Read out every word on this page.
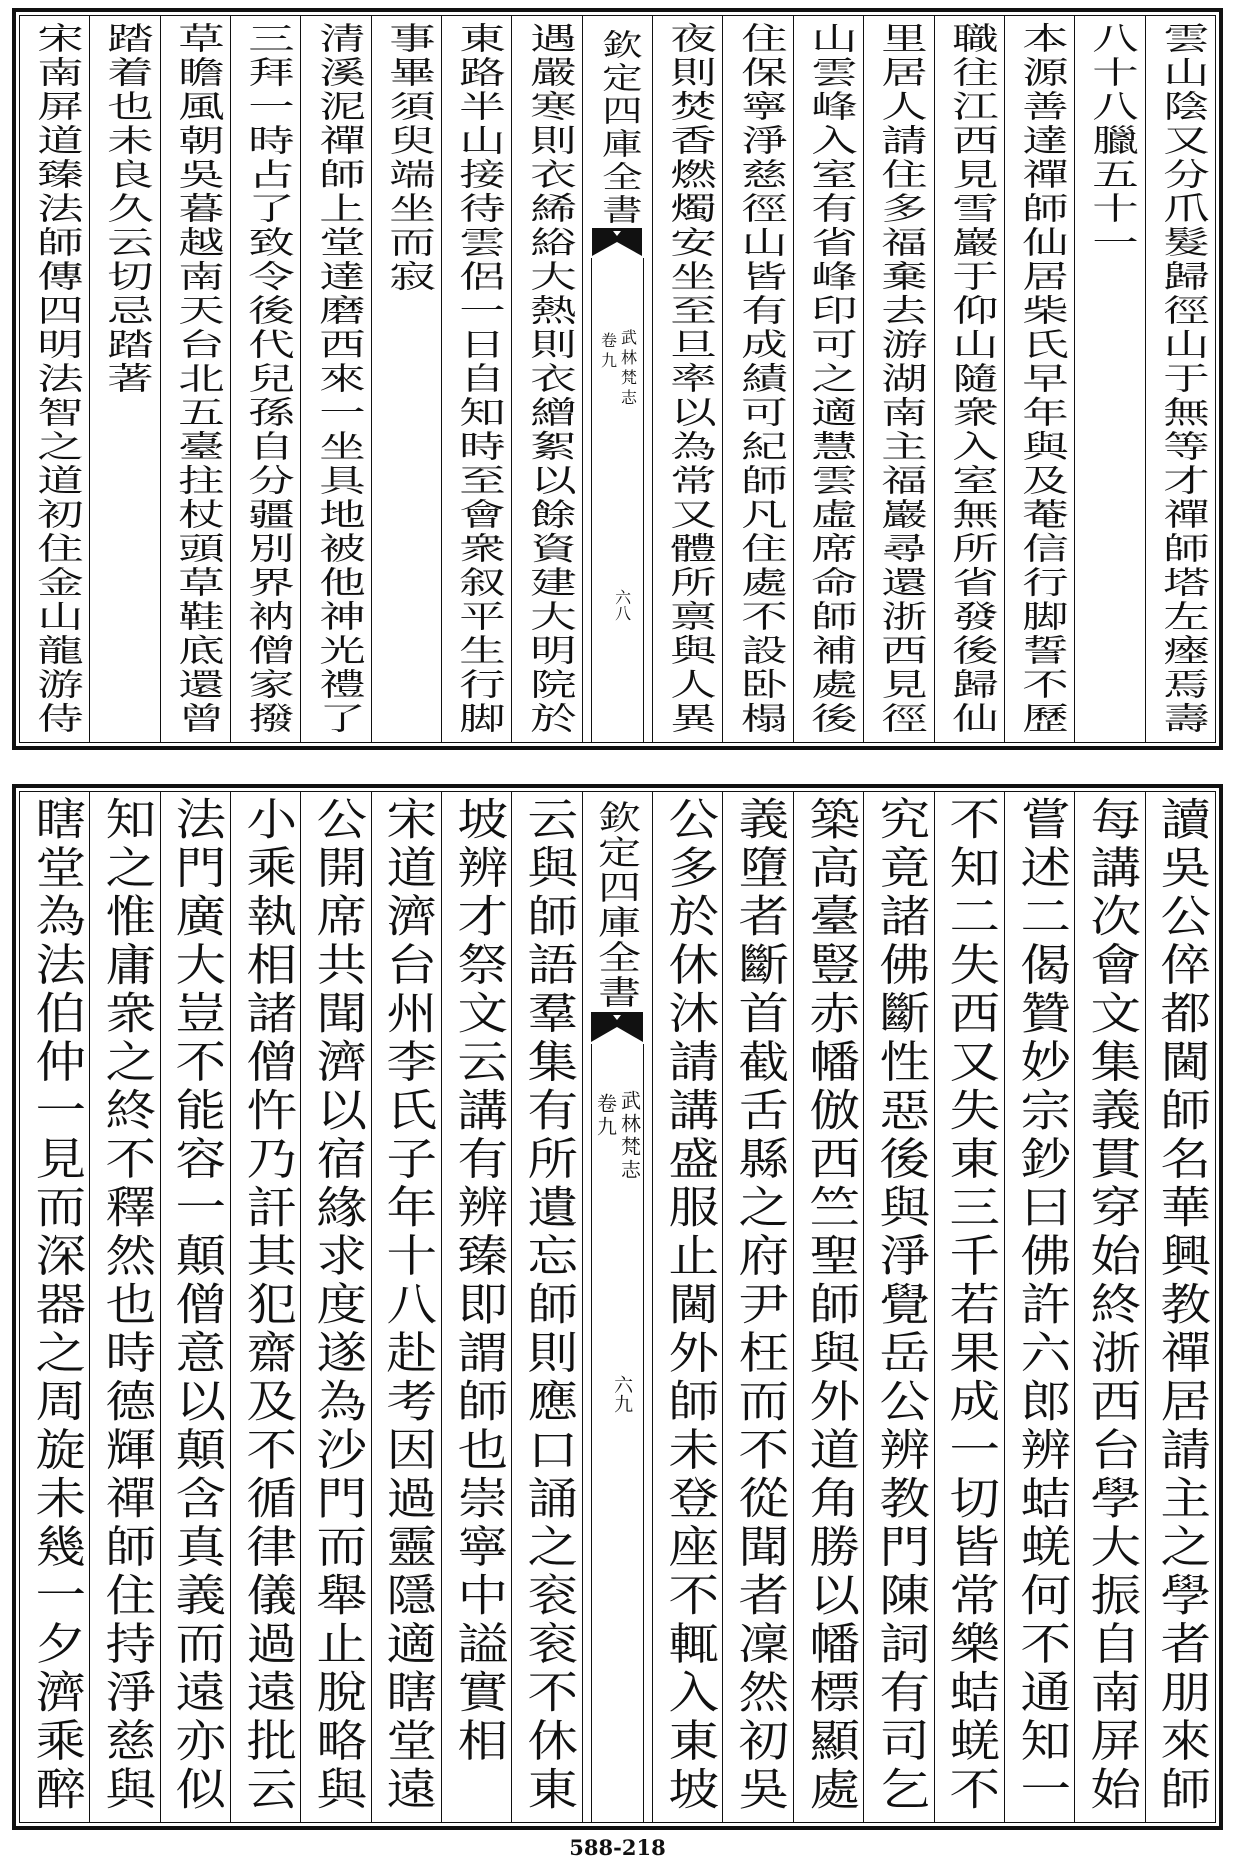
雲山陰又分爪髮歸徑山于無等才禪師塔左瘞焉壽
八十八臘五十一
本源善達禪師仙居柴氏早年與及菴信行脚誓不歷
職往江西見雪巖于仰山隨衆入室無所省發後歸仙
里居人請住多福棄去游湖南主福巖尋還浙西見徑
山雲峰入室有省峰印可之適慧雲虛席命師補處後
住保寧淨慈徑山皆有成績可紀師凡住處不設卧榻
夜則焚香燃燭安坐至旦率以為常又體所禀與人異
欽定四庫全書
武林梵志
卷九
六八
遇嚴寒則衣絺綌大熱則衣繒絮以餘資建大明院於
東路半山接待雲侶一日自知時至會衆叙平生行脚
事畢須臾端坐而寂
清溪泥禪師上堂達磨西來一坐具地被他神光禮了
三拜一時占了致令後代兒孫自分疆別界衲僧家撥
草瞻風朝吳暮越南天台北五臺拄杖頭草鞋底還曾
踏着也未良久云切忌踏著
宋南屏道臻法師傳四明法智之道初住金山龍游侍
讀吳公倅都閫師名華興教禪居請主之學者朋來師
每講次會文集義貫穿始終浙西台學大振自南屏始
嘗述二偈贊妙宗鈔曰佛許六郎辨蛣蜣何不通知一
不知二失西又失東三千若果成一切皆常樂蛣蜣不
究竟諸佛斷性惡後與淨覺岳公辨教門陳詞有司乞
築高臺豎赤幡倣西竺聖師與外道角勝以幡標顯處
義墮者斷首截舌縣之府尹枉而不從聞者凜然初吳
公多於休沐請講盛服止閫外師未登座不輒入東坡
欽定四庫全書
武林梵志
卷九
六九
云與師語羣集有所遺忘師則應口誦之衮衮不休東
坡辨才祭文云講有辨臻即謂師也崇寧中謚實相
宋道濟台州李氏子年十八赴考因過靈隱適瞎堂遠
公開席共聞濟以宿緣求度遂為沙門而舉止脫略與
小乘執相諸僧忤乃訐其犯齋及不循律儀過遠批云
法門廣大豈不能容一顛僧意以顛含真義而遠亦似
知之惟庸衆之終不釋然也時德輝禪師住持淨慈與
瞎堂為法伯仲一見而深器之周旋未幾一夕濟乘醉
588-218
